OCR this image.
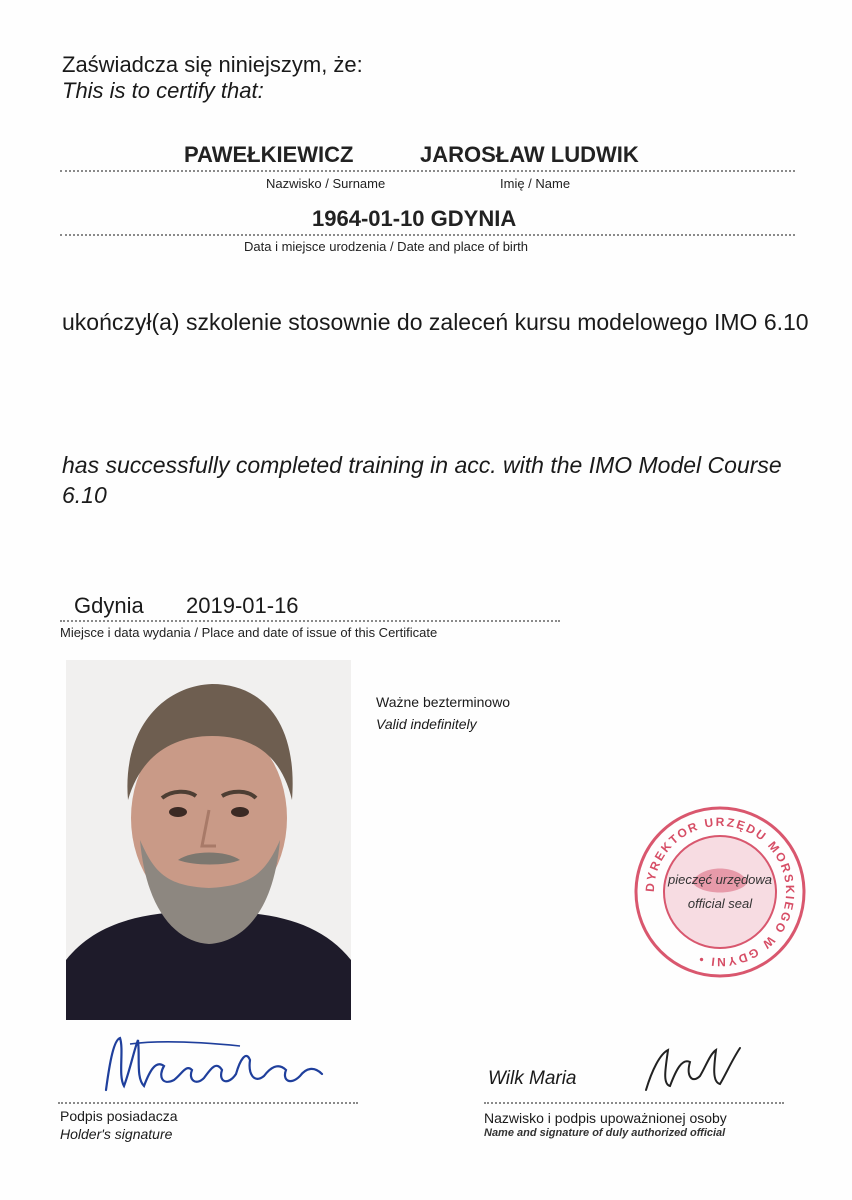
Zaświadcza się niniejszym, że:
This is to certify that:
PAWEŁKIEWICZ	JAROSŁAW LUDWIK
Nazwisko / Surname	Imię / Name
1964-01-10 GDYNIA
Data i miejsce urodzenia / Date and place of birth
ukończył(a) szkolenie stosownie do zaleceń kursu modelowego IMO 6.10
has successfully completed training in acc. with the IMO Model Course 6.10
Gdynia 2019-01-16
Miejsce i data wydania / Place and date of issue of this Certificate
Ważne bezterminowo
Valid indefinitely
DYREKTOR URZĘDU MORSKIEGO W GDYNI •
pieczęć urzędowa
official seal
Wilk Maria
Podpis posiadacza
Holder's signature
Nazwisko i podpis upoważnionej osoby
Name and signature of duly authorized official
